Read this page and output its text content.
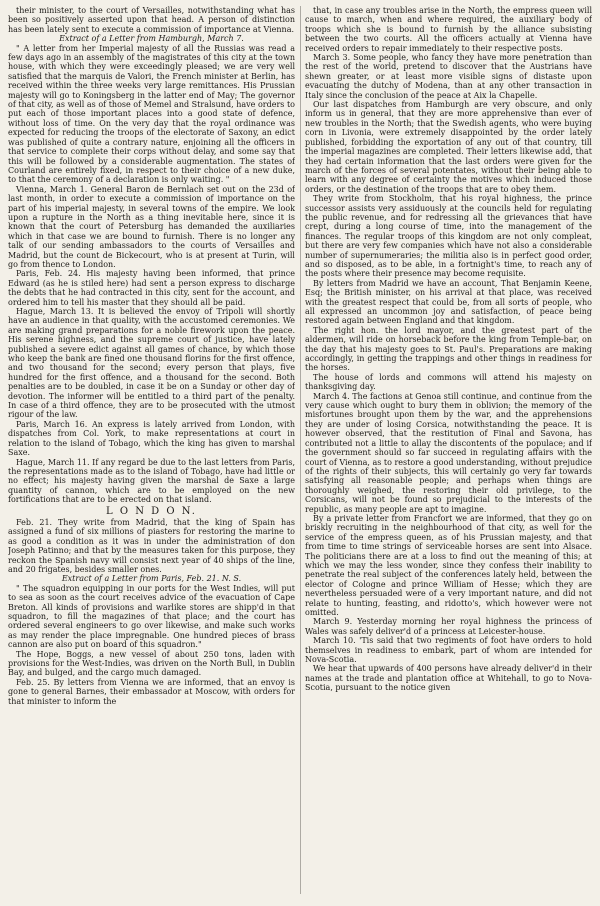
their minister, to the court of Versailles, notwithstanding what has been so positively asserted upon that head. A person of distinction has been lately sent to execute a commission of importance at Vienna.

Extract of a Letter from Hamburgh, March 7.

" A letter from her Imperial majesty of all the Russias was read a few days ago in an assembly of the magistrates of this city at the town house, with which they were exceedingly pleased; we are very well satisfied that the marquis de Valori, the French minister at Berlin, has received within the three weeks very large remittances. His Prussian majesty will go to Koningsberg in the latter end of May; The governor of that city, as well as of those of Memel and Stralsund, have orders to put each of those important places into a good state of defence, without loss of time. On the very day that the royal ordinance was expected for reducing the troops of the electorate of Saxony, an edict was published of quite a contrary nature, enjoining all the officers in that service to complete their corps without delay, and some say that this will be followed by a considerable augmentation. The states of Courland are entirely fixed, in respect to their choice of a new duke, to that the ceremony of a declaration is only waiting. "

Vienna, March 1. General Baron de Bernlach set out on the 23d of last month, in order to execute a commission of importance on the part of his imperial majesty, in several towns of the empire. We look upon a rupture in the North as a thing inevitable here, since it is known that the court of Petersburg has demanded the auxiliaries which in that case we are bound to furnish. There is no longer any talk of our sending ambassadors to the courts of Versailles and Madrid, but the count de Bickecourt, who is at present at Turin, will go from thence to London.

Paris, Feb. 24. His majesty having been informed, that prince Edward (as he is stiled here) had sent a person express to discharge the debts that he had contracted in this city, sent for the account, and ordered him to tell his master that they should all be paid.

Hague, March 13. It is believed the envoy of Tripoli will shortly have an audience in that quality, with the accustomed ceremonies. We are making grand preparations for a noble firework upon the peace. His serene highness, and the supreme court of justice, have lately published a severe edict against all games of chance, by which those who keep the bank are fined one thousand florins for the first offence, and two thousand for the second; every person that plays, five hundred for the first offence, and a thousand for the second. Both penalties are to be doubled, in case it be on a Sunday or other day of devotion. The informer will be entitled to a third part of the penalty. In case of a third offence, they are to be prosecuted with the utmost rigour of the law.

Paris, March 16. An express is lately arrived from London, with dispatches from Col. York, to make representations at court in relation to the island of Tobago, which the king has given to marshal Saxe.

Hague, March 11. If any regard be due to the last letters from Paris, the representations made as to the island of Tobago, have had little or no effect; his majesty having given the marshal de Saxe a large quantity of cannon, which are to be employed on the new fortifications that are to be erected on that island.

L O N D O N.

Feb. 21. They write from Madrid, that the king of Spain has assigned a fund of six millions of piasters for restoring the marine to as good a condition as it was in under the administration of don Joseph Patinno; and that by the measures taken for this purpose, they reckon the Spanish navy will consist next year of 40 ships of the line, and 20 frigates, besides smaller ones.

Extract of a Letter from Paris, Feb. 21. N. S.

" The squadron equipping in our ports for the West Indies, will put to sea as soon as the court receives advice of the evacuation of Cape Breton. All kinds of provisions and warlike stores are shipp'd in that squadron, to fill the magazines of that place; and the court has ordered several engineers to go over likewise, and make such works as may render the place impregnable. One hundred pieces of brass cannon are also put on board of this squadron."

The Hope, Boggs, a new vessel of about 250 tons, laden with provisions for the West-Indies, was driven on the North Bull, in Dublin Bay, and bulged, and the cargo much damaged.

Feb. 25. By letters from Vienna we are informed, that an envoy is gone to general Barnes, their embassador at Moscow, with orders for that minister to inform the

that, in case any troubles arise in the North, the empress queen will cause to march, when and where required, the auxiliary body of troops which she is bound to furnish by the alliance subsisting between the two courts. All the officers actually at Vienna have received orders to repair immediately to their respective posts.

March 3. Some people, who fancy they have more penetration than the rest of the world, pretend to discover that the Austrians have shewn greater, or at least more visible signs of distaste upon evacuating the dutchy of Modena, than at any other transaction in Italy since the conclusion of the peace at Aix la Chapelle.

Our last dispatches from Hamburgh are very obscure, and only inform us in general, that they are more apprehensive than ever of new troubles in the North; that the Swedish agents, who were buying corn in Livonia, were extremely disappointed by the order lately published, forbidding the exportation of any out of that country, till the imperial magazines are completed. Their letters likewise add, that they had certain information that the last orders were given for the march of the forces of several potentates, without their being able to learn with any degree of certainty the motives which induced those orders, or the destination of the troops that are to obey them.

They write from Stockholm, that his royal highness, the prince successor assists very assiduously at the councils held for regulating the public revenue, and for redressing all the grievances that have crept, during a long course of time, into the management of the finances. The regular troops of this kingdom are not only compleat, but there are very few companies which have not also a considerable number of supernumeraries; the militia also is in perfect good order, and so disposed, as to be able, in a fortnight's time, to reach any of the posts where their presence may become requisite.

By letters from Madrid we have an account, That Benjamin Keene, Esq; the British minister, on his arrival at that place, was received with the greatest respect that could be, from all sorts of people, who all expressed an uncommon joy and satisfaction, of peace being restored again between England and that kingdom.

The right hon. the lord mayor, and the greatest part of the aldermen, will ride on horseback before the king from Temple-bar, on the day that his majesty goes to St. Paul's. Preparations are making accordingly, in getting the trappings and other things in readiness for the horses.

The house of lords and commons will attend his majesty on thanksgiving day.

March 4. The factions at Genoa still continue, and continue from the very cause which ought to bury them in oblivion; the memory of the misfortunes brought upon them by the war, and the apprehensions they are under of losing Corsica, notwithstanding the peace. It is however observed, that the restitution of Final and Savona, has contributed not a little to allay the discontents of the populace; and if the government should so far succeed in regulating affairs with the court of Vienna, as to restore a good understanding, without prejudice of the rights of their subjects, this will certainly go very far towards satisfying all reasonable people; and perhaps when things are thoroughly weighed, the restoring their old privilege, to the Corsicans, will not be found so prejudicial to the interests of the republic, as many people are apt to imagine.

By a private letter from Francfort we are informed, that they go on briskly recruiting in the neighbourhood of that city, as well for the service of the empress queen, as of his Prussian majesty, and that from time to time strings of serviceable horses are sent into Alsace. The politicians there are at a loss to find out the meaning of this; at which we may the less wonder, since they confess their inability to penetrate the real subject of the conferences lately held, between the elector of Cologne and prince William of Hesse; which they are nevertheless persuaded were of a very important nature, and did not relate to hunting, feasting, and ridotto's, which however were not omitted.

March 9. Yesterday morning her royal highness the princess of Wales was safely deliver'd of a princess at Leicester-house.

March 10. 'Tis said that two regiments of foot have orders to hold themselves in readiness to embark, part of whom are intended for Nova-Scotia.

We hear that upwards of 400 persons have already deliver'd in their names at the trade and plantation office at Whitehall, to go to Nova-Scotia, pursuant to the notice given
